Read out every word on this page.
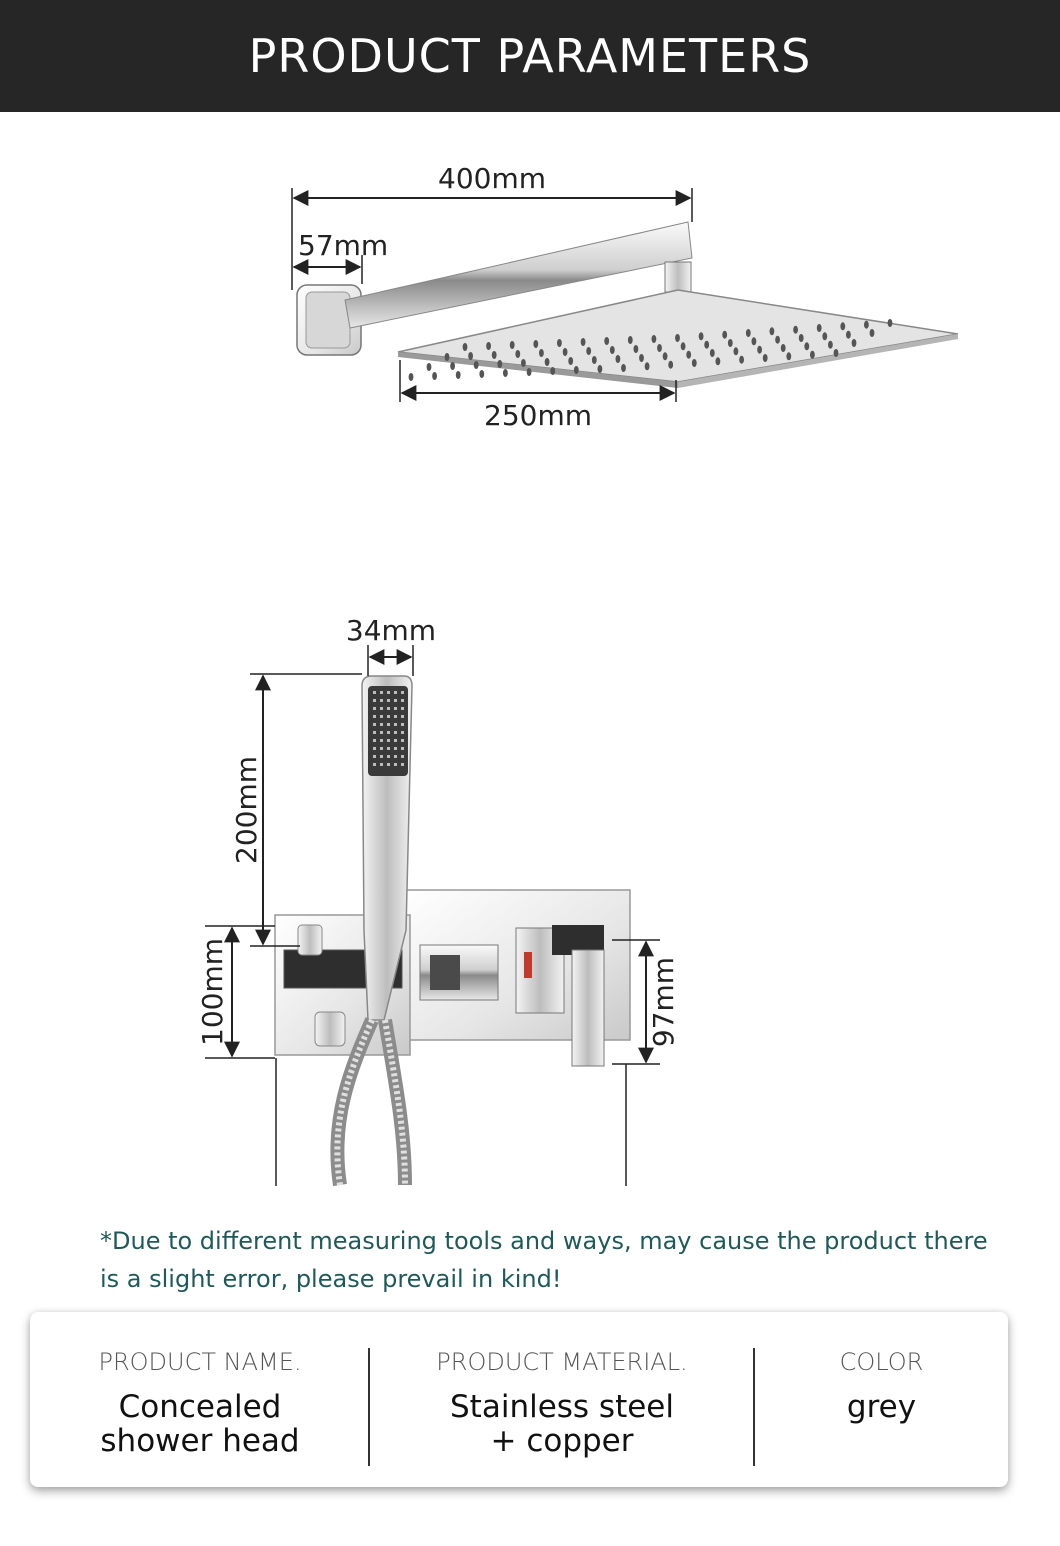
PRODUCT PARAMETERS
400mm
57mm
250mm
34mm
200mm
100mm	97mm
*Due to different measuring tools and ways, may cause the product there is a slight error, please prevail in kind!
PRODUCT NAME.
Concealed
shower head
PRODUCT MATERIAL.
Stainless steel
+ copper
COLOR
grey
